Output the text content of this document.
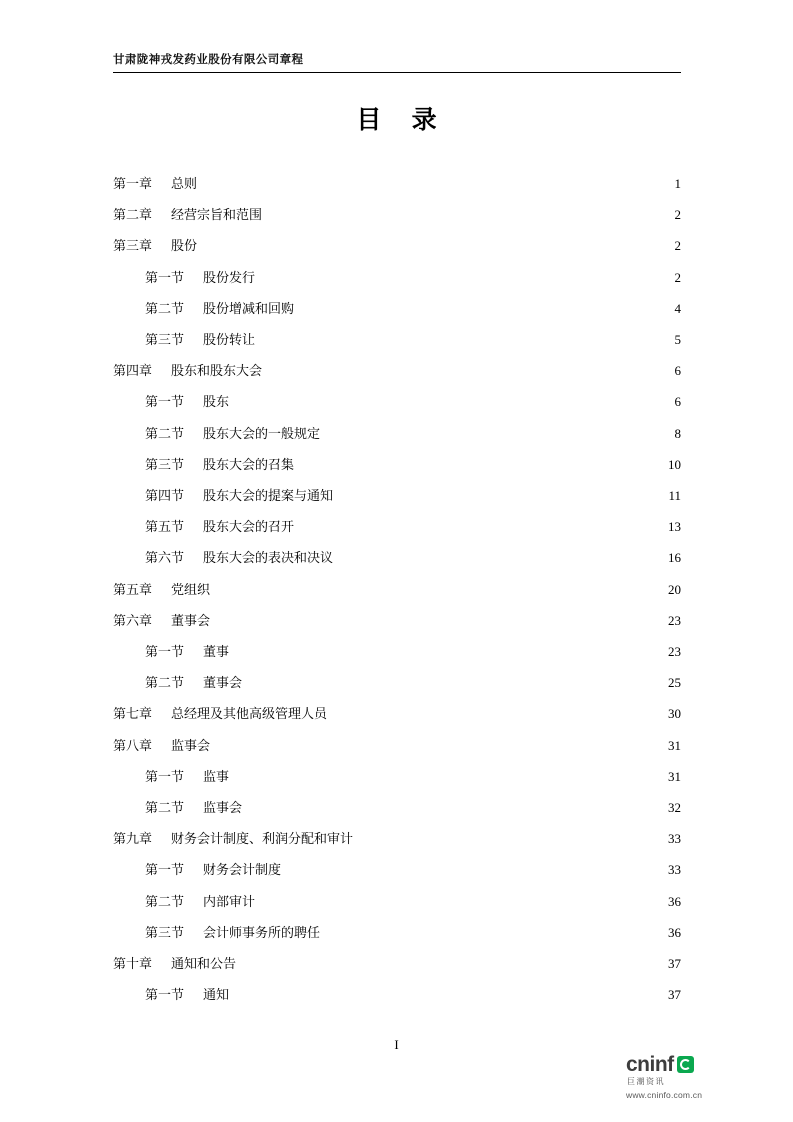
甘肃陇神戎发药业股份有限公司章程
目 录
第一章 总则 .....	1
第二章 经营宗旨和范围 .....	2
第三章 股份 .....	2
第一节 股份发行 .....	2
第二节 股份增减和回购 .....	4
第三节 股份转让 .....	5
第四章 股东和股东大会 .....	6
第一节 股东 .....	6
第二节 股东大会的一般规定 .....	8
第三节 股东大会的召集 .....	10
第四节 股东大会的提案与通知 .....	11
第五节 股东大会的召开 .....	13
第六节 股东大会的表决和决议 .....	16
第五章 党组织 .....	20
第六章 董事会 .....	23
第一节 董事 .....	23
第二节 董事会 .....	25
第七章 总经理及其他高级管理人员 .....	30
第八章 监事会 .....	31
第一节 监事 .....	31
第二节 监事会 .....	32
第九章 财务会计制度、利润分配和审计 .....	33
第一节 财务会计制度 .....	33
第二节 内部审计 .....	36
第三节 会计师事务所的聘任 .....	36
第十章 通知和公告 .....	37
第一节 通知 .....	37
I
cninf
巨潮资讯
www.cninfo.com.cn
